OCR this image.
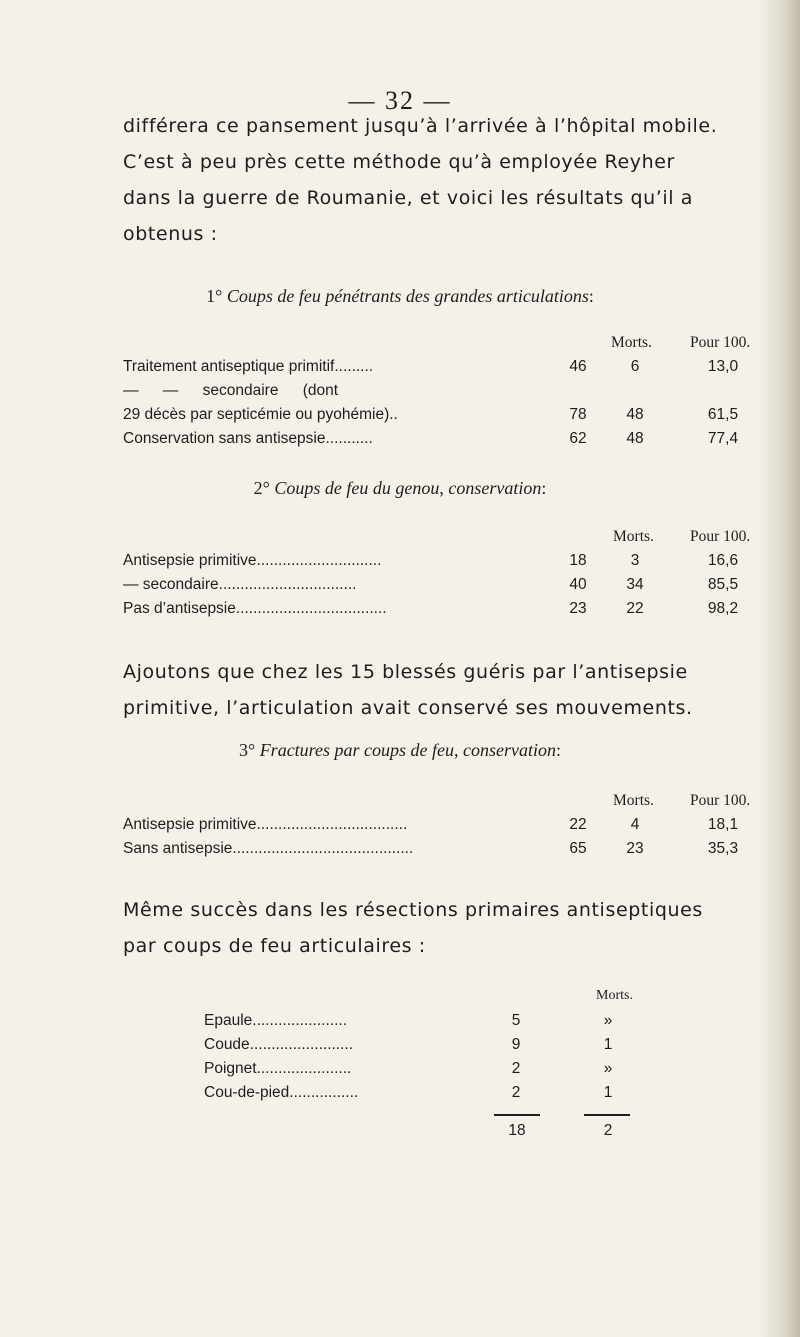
— 32 —
différera ce pansement jusqu’à l’arrivée à l’hôpital mobile.
C’est à peu près cette méthode qu’à employée Reyher
dans la guerre de Roumanie, et voici les résultats qu’il a
obtenus :
1° Coups de feu pénétrants des grandes articulations:
Morts. Pour 100.
Traitement antiseptique primitif.........	46	6	13,0
— — secondaire (dont
29 décès par septicémie ou pyohémie)..	78	48	61,5
Conservation sans antisepsie...........	62	48	77,4
2° Coups de feu du genou, conservation:
Morts. Pour 100.
Antisepsie primitive.............................	18	3	16,6
— secondaire................................	40	34	85,5
Pas d’antisepsie...................................	23	22	98,2
Ajoutons que chez les 15 blessés guéris par l’antisepsie
primitive, l’articulation avait conservé ses mouvements.
3° Fractures par coups de feu, conservation:
Morts. Pour 100.
Antisepsie primitive...................................	22	4	18,1
Sans antisepsie..........................................	65	23	35,3
Même succès dans les résections primaires antiseptiques
par coups de feu articulaires :
Morts.
Epaule......................	5	»
Coude........................	9	1
Poignet......................	2	»
Cou-de-pied................	2	1
18	2
